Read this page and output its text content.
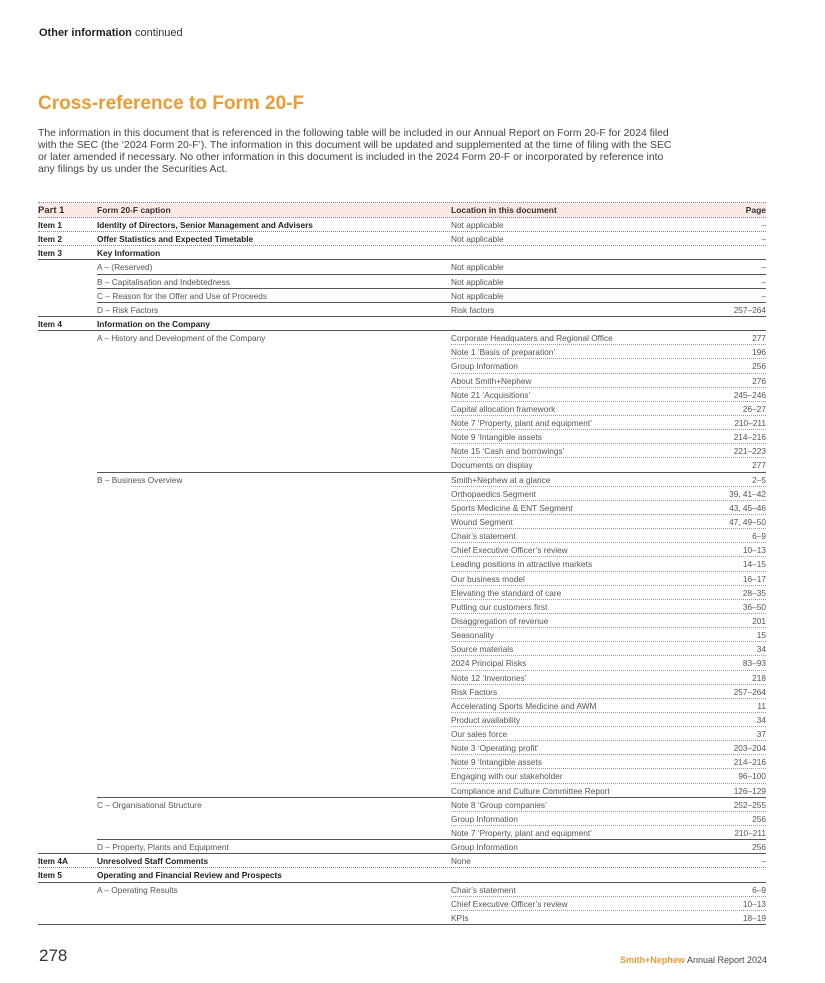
Other information continued
Cross-reference to Form 20-F

The information in this document that is referenced in the following table will be included in our Annual Report on Form 20-F for 2024 filed with the SEC (the ‘2024 Form 20-F’). The information in this document will be updated and supplemented at the time of filing with the SEC or later amended if necessary. No other information in this document is included in the 2024 Form 20-F or incorporated by reference into any filings by us under the Securities Act.

Part 1	Form 20-F caption	Location in this document	Page
Item 1	Identity of Directors, Senior Management and Advisers	Not applicable	–
Item 2	Offer Statistics and Expected Timetable	Not applicable	–
Item 3	Key Information
A – (Reserved)	Not applicable	–
B – Capitalisation and Indebtedness	Not applicable	–
C – Reason for the Offer and Use of Proceeds	Not applicable	–
D – Risk Factors	Risk factors	257–264
Item 4	Information on the Company
A – History and Development of the Company	Corporate Headquaters and Regional Office	277
Note 1 ‘Basis of preparation’	196
Group Information	256
About Smith+Nephew	276
Note 21 ‘Acquisitions’	245–246
Capital allocation framework	26–27
Note 7 ‘Property, plant and equipment’	210–211
Note 9 ‘Intangible assets	214–216
Note 15 ‘Cash and borrowings’	221–223
Documents on display	277
B – Business Overview	Smith+Nephew at a glance	2–5
Orthopaedics Segment	39, 41–42
Sports Medicine & ENT Segment	43, 45–46
Wound Segment	47, 49–50
Chair’s statement	6–9
Chief Executive Officer’s review	10–13
Leading positions in attractive markets	14–15
Our business model	16–17
Elevating the standard of care	28–35
Putting our customers first	36–50
Disaggregation of revenue	201
Seasonality	15
Source materials	34
2024 Principal Risks	83–93
Note 12 ‘Inventories’	218
Risk Factors	257–264
Accelerating Sports Medicine and AWM	11
Product availability	34
Our sales force	37
Note 3 ‘Operating profit’	203–204
Note 9 ‘Intangible assets	214–216
Engaging with our stakeholder	96–100
Compliance and Culture Committee Report	126–129
C – Organisational Structure	Note 8 ‘Group companies’	252–255
Group Information	256
Note 7 ‘Property, plant and equipment’	210–211
D – Property, Plants and Equipment	Group Information	256
Item 4A	Unresolved Staff Comments	None	–
Item 5	Operating and Financial Review and Prospects
A – Operating Results	Chair’s statement	6–9
Chief Executive Officer’s review	10–13
KPIs	18–19
278	Smith+Nephew Annual Report 2024
